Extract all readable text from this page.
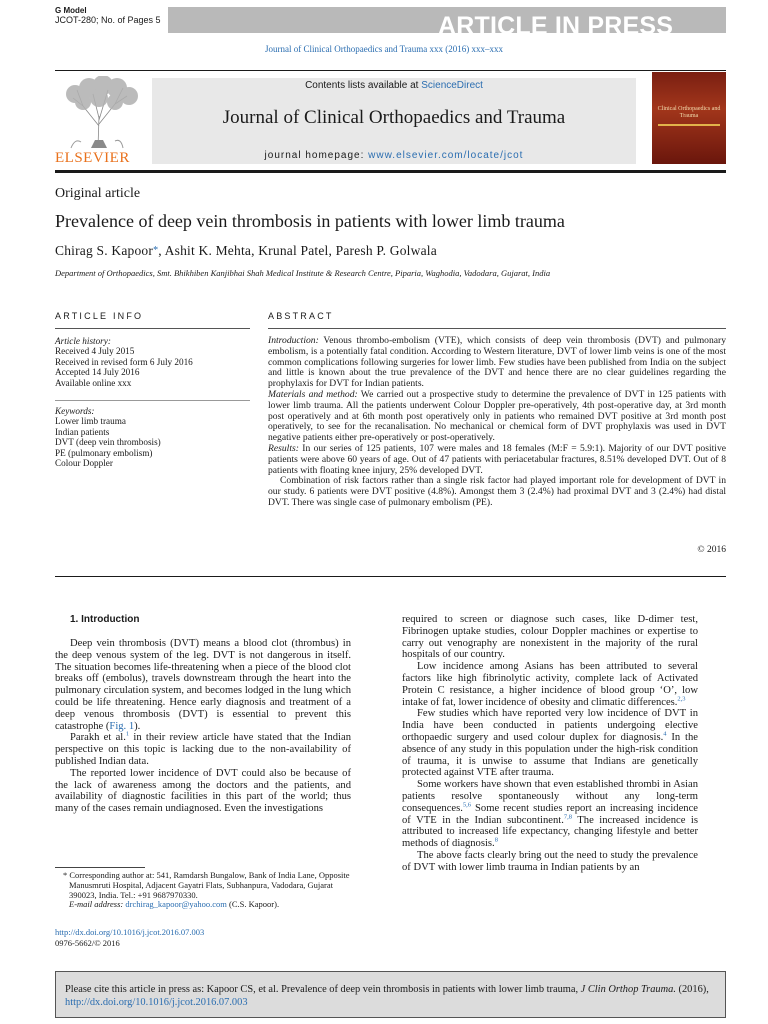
G Model
JCOT-280; No. of Pages 5	ARTICLE IN PRESS
Journal of Clinical Orthopaedics and Trauma xxx (2016) xxx–xxx
ELSEVIER
Contents lists available at ScienceDirect
Journal of Clinical Orthopaedics and Trauma
journal homepage: www.elsevier.com/locate/jcot
Clinical Orthopaedics and Trauma
Original article
Prevalence of deep vein thrombosis in patients with lower limb trauma
Chirag S. Kapoor*, Ashit K. Mehta, Krunal Patel, Paresh P. Golwala
Department of Orthopaedics, Smt. Bhikhiben Kanjibhai Shah Medical Institute & Research Centre, Piparia, Waghodia, Vadodara, Gujarat, India
ARTICLE INFO	ABSTRACT
Article history:
Received 4 July 2015
Received in revised form 6 July 2016
Accepted 14 July 2016
Available online xxx
Keywords:
Lower limb trauma
Indian patients
DVT (deep vein thrombosis)
PE (pulmonary embolism)
Colour Doppler

Introduction: Venous thrombo-embolism (VTE), which consists of deep vein thrombosis (DVT) and pulmonary embolism, is a potentially fatal condition. According to Western literature, DVT of lower limb veins is one of the most common complications following surgeries for lower limb. Few studies have been published from India on the subject and little is known about the true prevalence of the DVT and hence there are no clear guidelines regarding the prophylaxis for DVT for Indian patients.

Materials and method: We carried out a prospective study to determine the prevalence of DVT in 125 patients with lower limb trauma. All the patients underwent Colour Doppler pre-operatively, 4th post-operative day, at 3rd month post operatively and at 6th month post operatively only in patients who remained DVT positive at 3rd month post operatively, to see for the recanalisation. No mechanical or chemical form of DVT prophylaxis was used in DVT negative patients either pre-operatively or post-operatively.

Results: In our series of 125 patients, 107 were males and 18 females (M:F = 5.9:1). Majority of our DVT positive patients were above 60 years of age. Out of 47 patients with periacetabular fractures, 8.51% developed DVT. Out of 8 patients with floating knee injury, 25% developed DVT.

Combination of risk factors rather than a single risk factor had played important role for development of DVT in our study. 6 patients were DVT positive (4.8%). Amongst them 3 (2.4%) had proximal DVT and 3 (2.4%) had distal DVT. There was single case of pulmonary embolism (PE).

© 2016

1. Introduction

Deep vein thrombosis (DVT) means a blood clot (thrombus) in the deep venous system of the leg. DVT is not dangerous in itself. The situation becomes life-threatening when a piece of the blood clot breaks off (embolus), travels downstream through the heart into the pulmonary circulation system, and becomes lodged in the lung which could be life threatening. Hence early diagnosis and treatment of a deep venous thrombosis (DVT) is essential to prevent this catastrophe (Fig. 1).

Parakh et al.$^1$ in their review article have stated that the Indian perspective on this topic is lacking due to the non-availability of published Indian data.

The reported lower incidence of DVT could also be because of the lack of awareness among the doctors and the patients, and availability of diagnostic facilities in this part of the world; thus many of the cases remain undiagnosed. Even the investigations

required to screen or diagnose such cases, like D-dimer test, Fibrinogen uptake studies, colour Doppler machines or expertise to carry out venography are nonexistent in the majority of the rural hospitals of our country.

Low incidence among Asians has been attributed to several factors like high fibrinolytic activity, complete lack of Activated Protein C resistance, a higher incidence of blood group ‘O’, low intake of fat, lower incidence of obesity and climatic differences.$^{2,3}$

Few studies which have reported very low incidence of DVT in India have been conducted in patients undergoing elective orthopaedic surgery and used colour duplex for diagnosis.$^4$ In the absence of any study in this population under the high-risk condition of trauma, it is unwise to assume that Indians are genetically protected against VTE after trauma.

Some workers have shown that even established thrombi in Asian patients resolve spontaneously without any long-term consequences.$^{5,6}$ Some recent studies report an increasing incidence of VTE in the Indian subcontinent.$^{7,8}$ The increased incidence is attributed to increased life expectancy, changing lifestyle and better methods of diagnosis.$^8$

The above facts clearly bring out the need to study the prevalence of DVT with lower limb trauma in Indian patients by an

* Corresponding author at: 541, Ramdarsh Bungalow, Bank of India Lane, Opposite Manusmruti Hospital, Adjacent Gayatri Flats, Subhanpura, Vadodara, Gujarat 390023, India. Tel.: +91 9687970330.
E-mail address: drchirag_kapoor@yahoo.com (C.S. Kapoor).
http://dx.doi.org/10.1016/j.jcot.2016.07.003
0976-5662/© 2016
Please cite this article in press as: Kapoor CS, et al. Prevalence of deep vein thrombosis in patients with lower limb trauma, J Clin Orthop Trauma. (2016), http://dx.doi.org/10.1016/j.jcot.2016.07.003
